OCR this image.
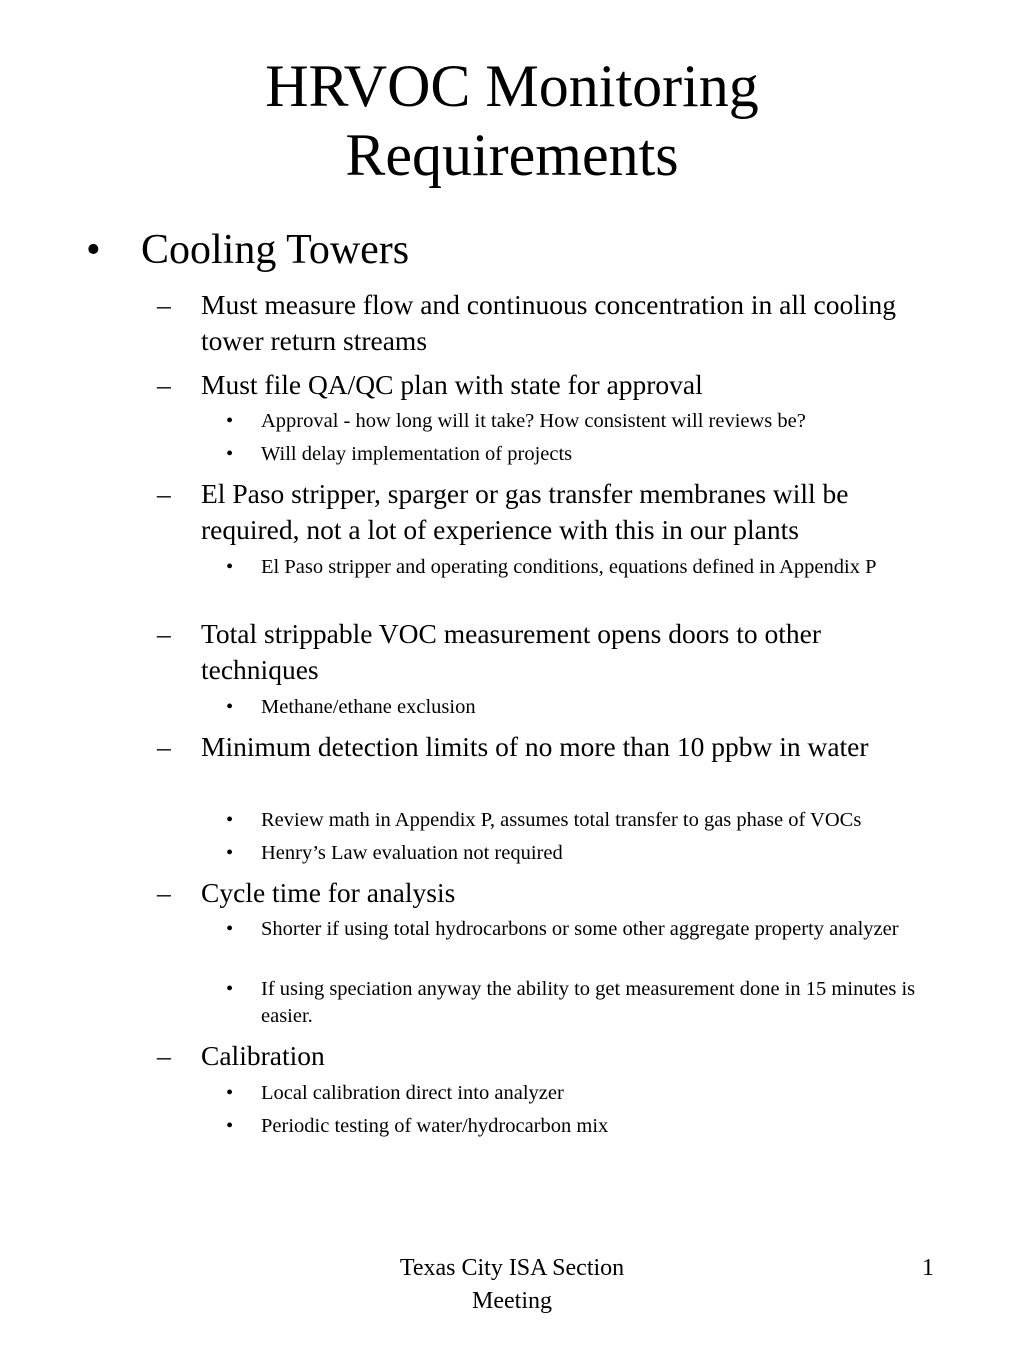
HRVOC Monitoring
Requirements
• Cooling Towers
– Must measure flow and continuous concentration in all cooling tower return streams
– Must file QA/QC plan with state for approval
• Approval - how long will it take? How consistent will reviews be?
• Will delay implementation of projects
– El Paso stripper, sparger or gas transfer membranes will be required, not a lot of experience with this in our plants
• El Paso stripper and operating conditions, equations defined in Appendix P
– Total strippable VOC measurement opens doors to other techniques
• Methane/ethane exclusion
– Minimum detection limits of no more than 10 ppbw in water
• Review math in Appendix P, assumes total transfer to gas phase of VOCs
• Henry’s Law evaluation not required
– Cycle time for analysis
• Shorter if using total hydrocarbons or some other aggregate property analyzer
• If using speciation anyway the ability to get measurement done in 15 minutes is easier.
– Calibration
• Local calibration direct into analyzer
• Periodic testing of water/hydrocarbon mix
Texas City ISA Section
Meeting
1
